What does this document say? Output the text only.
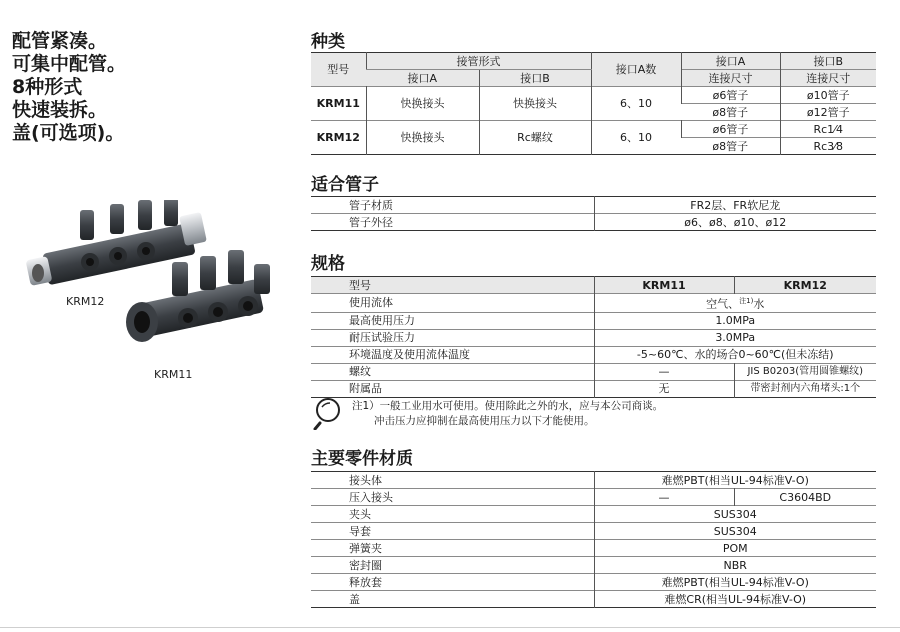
配管紧凑。
可集中配管。
8种形式
快速装拆。
盖(可选项)。
KRM12
KRM11
种类
型号	接管形式		接口A数	接口A	接口B
	接口A	接口B		连接尺寸	连接尺寸
KRM11	快换接头	快换接头	6、10	ø6管子	ø10管子
				ø8管子	ø12管子
KRM12	快换接头	Rc螺纹	6、10	ø6管子	Rc1⁄4
				ø8管子	Rc3⁄8
适合管子
管子材质	FR2层、FR软尼龙
管子外径	ø6、ø8、ø10、ø12
规格
型号	KRM11	KRM12
使用流体	空气、$^{注1)}$水	
最高使用压力	1.0MPa	
耐压试验压力	3.0MPa	
环境温度及使用流体温度	-5~60℃、水的场合0~60℃(但未冻结)	
螺纹	—	JIS B0203(管用圆锥螺纹)
附属品	无	带密封剂内六角堵头:1个
注1）一般工业用水可使用。使用除此之外的水，应与本公司商谈。
冲击压力应抑制在最高使用压力以下才能使用。
主要零件材质
接头体	难燃PBT(相当UL-94标准V-O)	
压入接头	—	C3604BD
夹头	SUS304	
导套	SUS304	
弹簧夹	POM	
密封圈	NBR	
释放套	难燃PBT(相当UL-94标准V-O)	
盖	难燃CR(相当UL-94标准V-O)	
